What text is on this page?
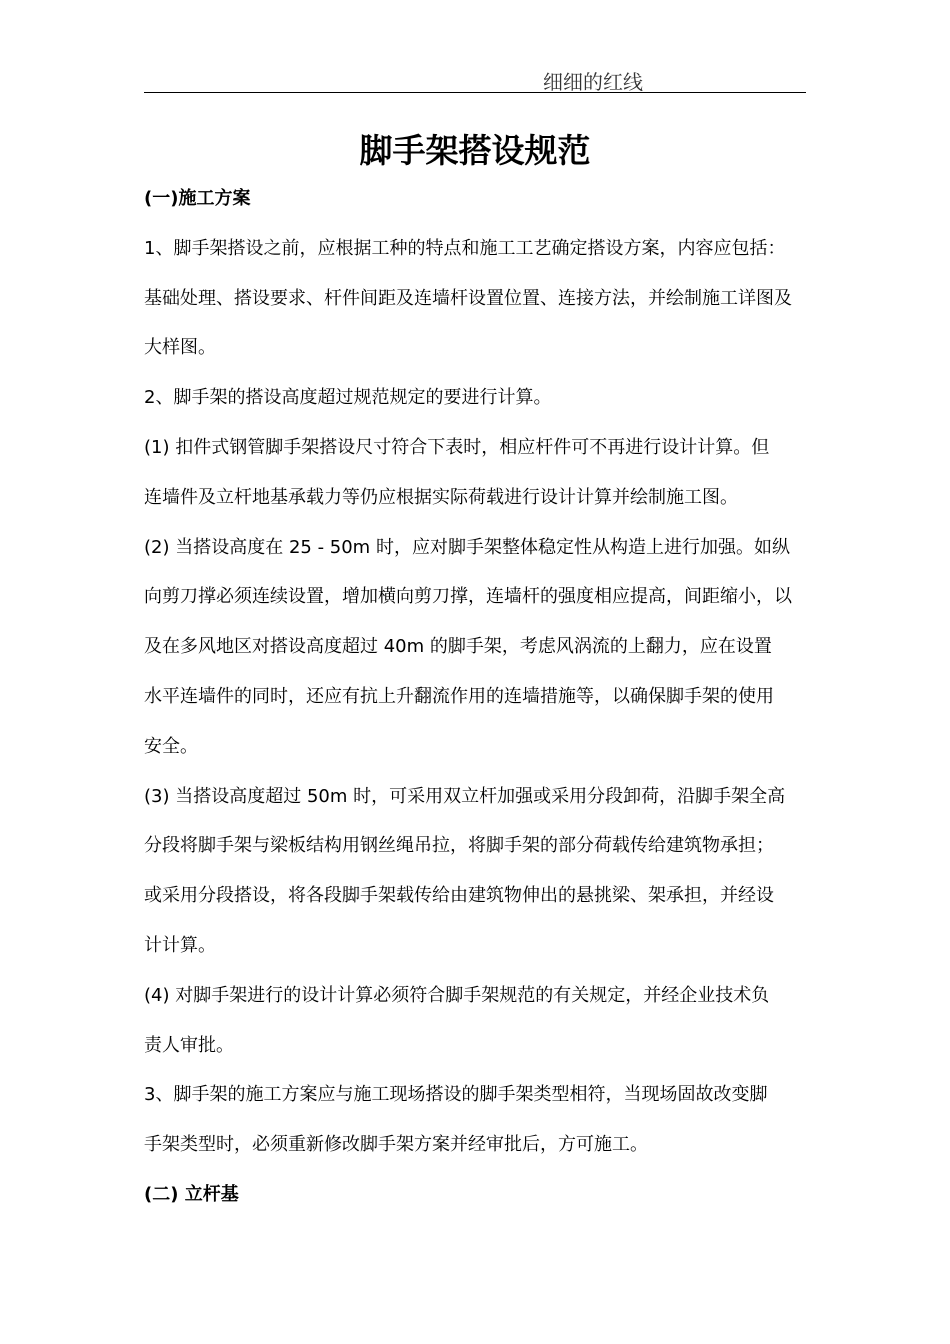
细细的红线
脚手架搭设规范
(一)施工方案
1、脚手架搭设之前，应根据工种的特点和施工工艺确定搭设方案，内容应包括：
基础处理、搭设要求、杆件间距及连墙杆设置位置、连接方法，并绘制施工详图及
大样图。
2、脚手架的搭设高度超过规范规定的要进行计算。
(1) 扣件式钢管脚手架搭设尺寸符合下表时，相应杆件可不再进行设计计算。但
连墙件及立杆地基承载力等仍应根据实际荷载进行设计计算并绘制施工图。
(2) 当搭设高度在 25 - 50m 时，应对脚手架整体稳定性从构造上进行加强。如纵
向剪刀撑必须连续设置，增加横向剪刀撑，连墙杆的强度相应提高，间距缩小，以
及在多风地区对搭设高度超过 40m 的脚手架，考虑风涡流的上翻力，应在设置
水平连墙件的同时，还应有抗上升翻流作用的连墙措施等，以确保脚手架的使用
安全。
(3) 当搭设高度超过 50m 时，可采用双立杆加强或采用分段卸荷，沿脚手架全高
分段将脚手架与梁板结构用钢丝绳吊拉，将脚手架的部分荷载传给建筑物承担；
或采用分段搭设，将各段脚手架载传给由建筑物伸出的悬挑梁、架承担，并经设
计计算。
(4) 对脚手架进行的设计计算必须符合脚手架规范的有关规定，并经企业技术负
责人审批。
3、脚手架的施工方案应与施工现场搭设的脚手架类型相符，当现场固故改变脚
手架类型时，必须重新修改脚手架方案并经审批后，方可施工。
(二) 立杆基
